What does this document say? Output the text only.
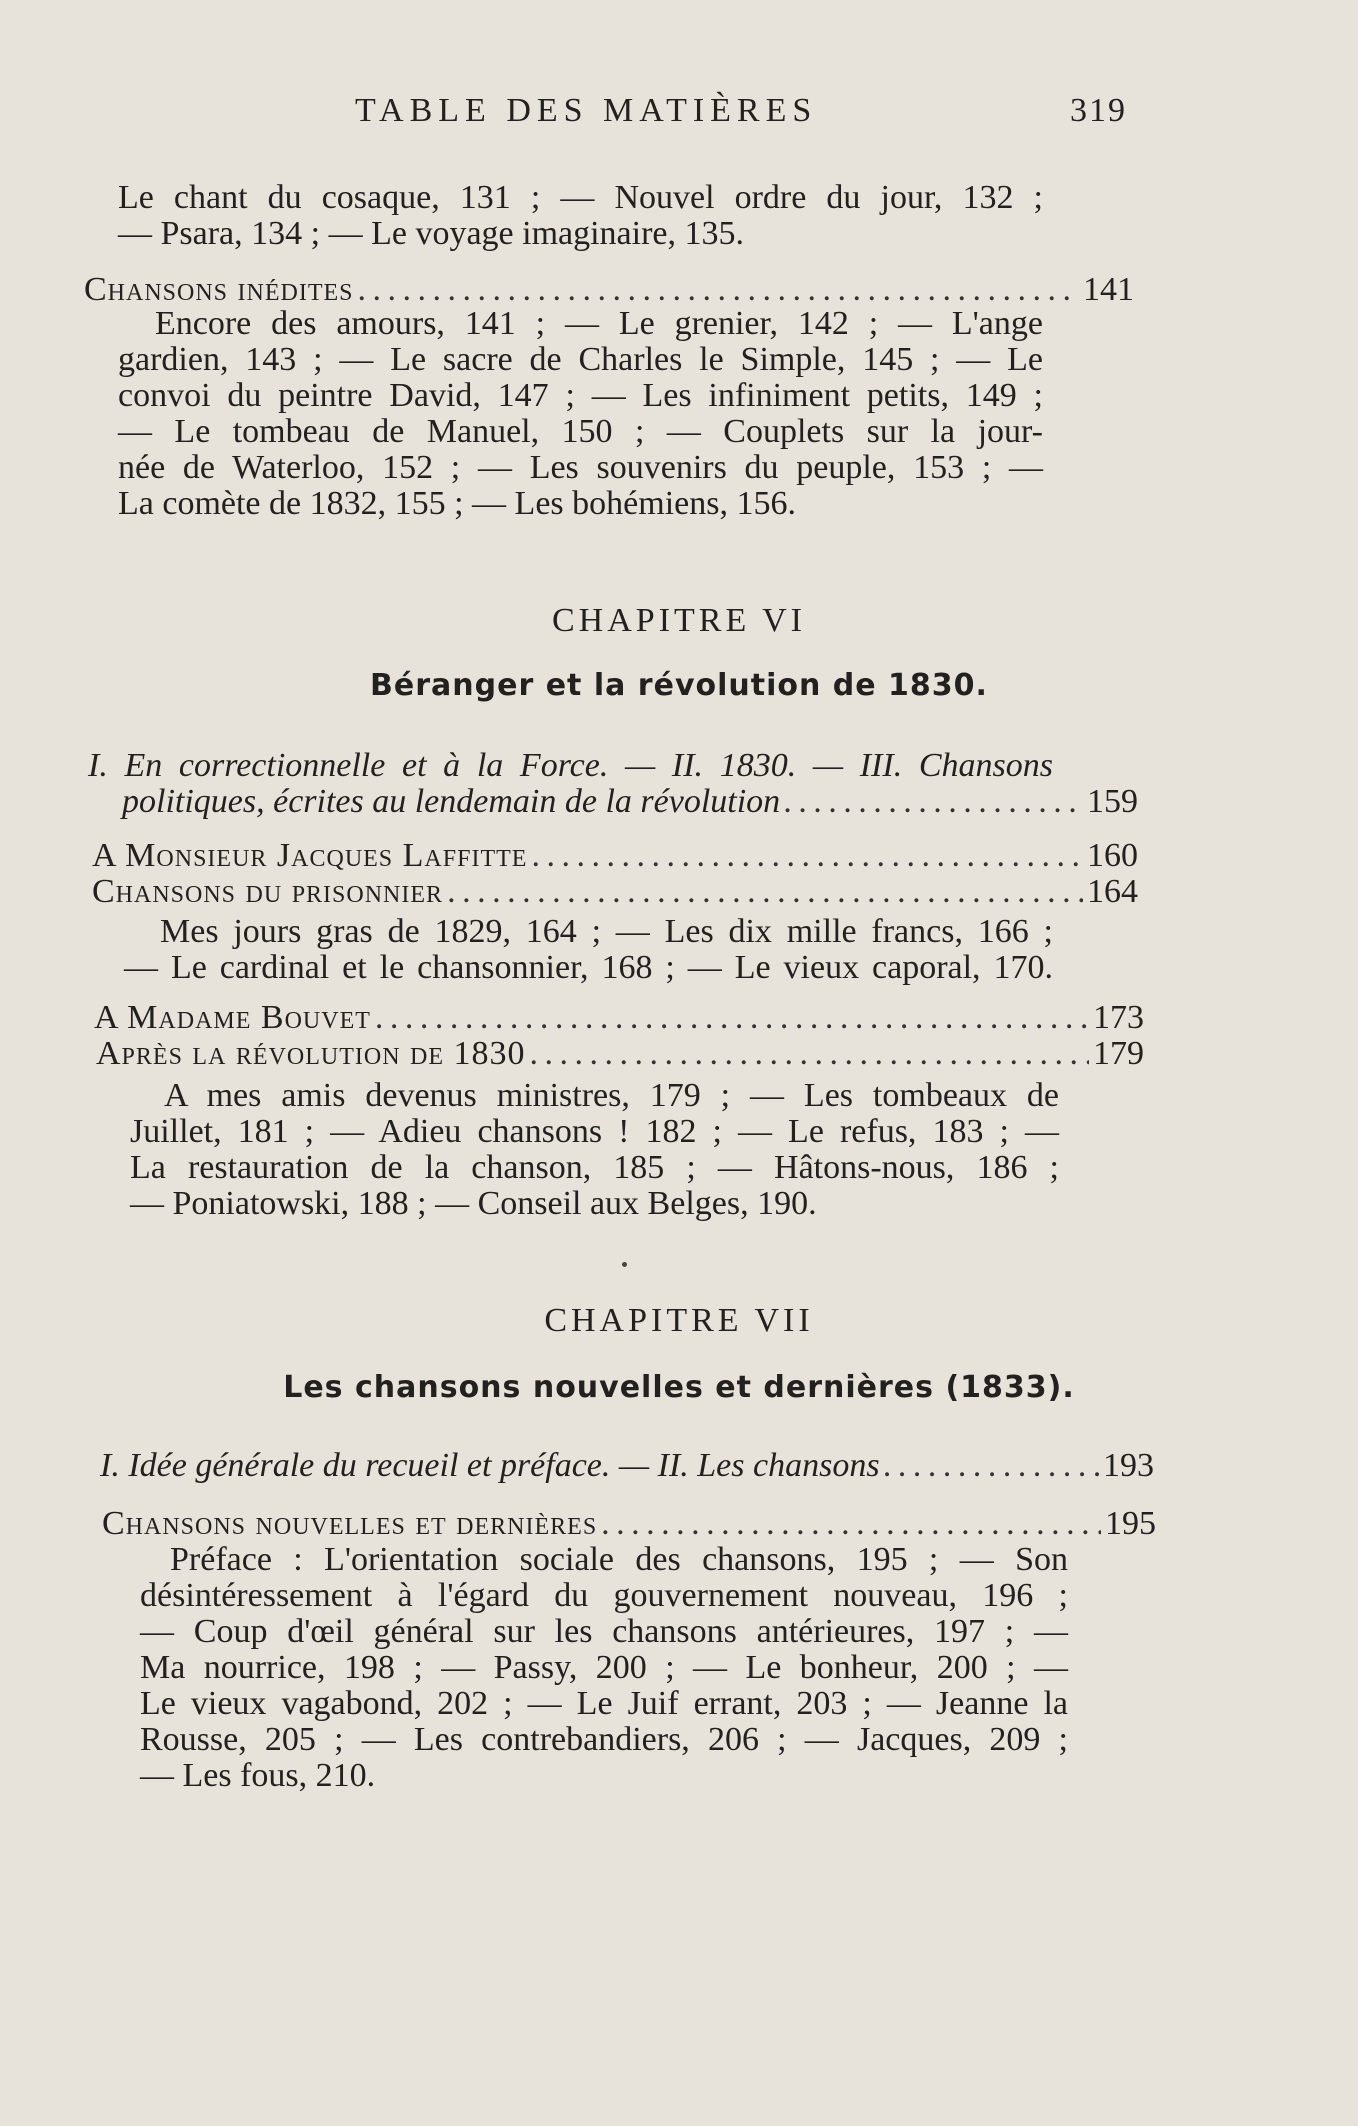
TABLE DES MATIÈRES	319
Le chant du cosaque, 131 ; — Nouvel ordre du jour, 132 ;
— Psara, 134 ; — Le voyage imaginaire, 135.
Chansons inédites . . .	141
Encore des amours, 141 ; — Le grenier, 142 ; — L'ange
gardien, 143 ; — Le sacre de Charles le Simple, 145 ; — Le
convoi du peintre David, 147 ; — Les infiniment petits, 149 ;
— Le tombeau de Manuel, 150 ; — Couplets sur la jour-
née de Waterloo, 152 ; — Les souvenirs du peuple, 153 ; —
La comète de 1832, 155 ; — Les bohémiens, 156.
CHAPITRE VI
Béranger et la révolution de 1830.
I. En correctionnelle et à la Force. — II. 1830. — III. Chansons
politiques, écrites au lendemain de la révolution . . .	159
A Monsieur Jacques Laffitte . . .	160
Chansons du prisonnier . . .	164
Mes jours gras de 1829, 164 ; — Les dix mille francs, 166 ;
— Le cardinal et le chansonnier, 168 ; — Le vieux caporal, 170.
A Madame Bouvet . . .	173
Après la révolution de 1830 . . .	179
A mes amis devenus ministres, 179 ; — Les tombeaux de
Juillet, 181 ; — Adieu chansons ! 182 ; — Le refus, 183 ; —
La restauration de la chanson, 185 ; — Hâtons-nous, 186 ;
— Poniatowski, 188 ; — Conseil aux Belges, 190.
CHAPITRE VII
Les chansons nouvelles et dernières (1833).
I. Idée générale du recueil et préface. — II. Les chansons . . .	193
Chansons nouvelles et dernières . . .	195
Préface : L'orientation sociale des chansons, 195 ; — Son
désintéressement à l'égard du gouvernement nouveau, 196 ;
— Coup d'œil général sur les chansons antérieures, 197 ; —
Ma nourrice, 198 ; — Passy, 200 ; — Le bonheur, 200 ; —
Le vieux vagabond, 202 ; — Le Juif errant, 203 ; — Jeanne la
Rousse, 205 ; — Les contrebandiers, 206 ; — Jacques, 209 ;
— Les fous, 210.
